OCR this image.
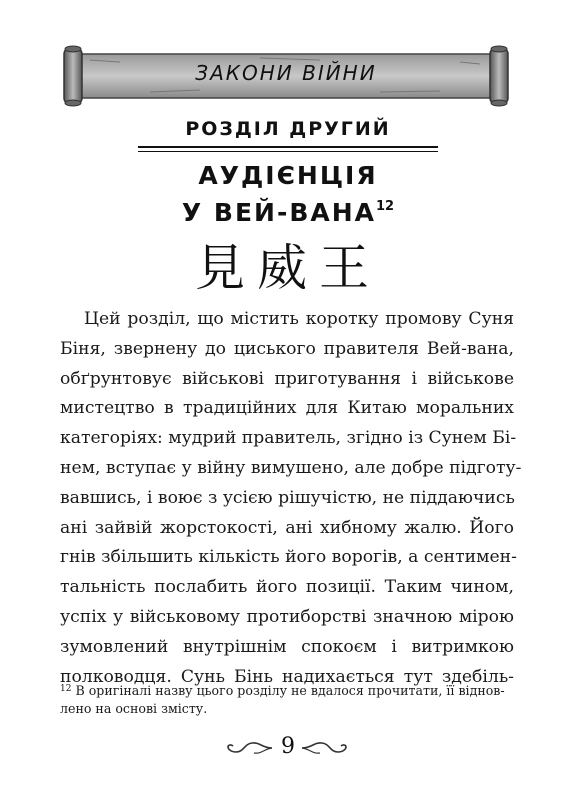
ЗАКОНИ ВІЙНИ
РОЗДІЛ ДРУГИЙ
АУДІЄНЦІЯ
У ВЕЙ-ВАНА$^{12}$
見威王
Цей розділ, що містить коротку промову Суня
Біня, звернену до циського правителя Вей-вана,
обґрунтовує військові приготування і військове
мистецтво в традиційних для Китаю моральних
категоріях: мудрий правитель, згідно із Сунем Бі-
нем, вступає у війну вимушено, але добре підготу-
вавшись, і воює з усією рішучістю, не піддаючись
ані зайвій жорстокості, ані хибному жалю. Його
гнів збільшить кількість його ворогів, а сентимен-
тальність послабить його позиції. Таким чином,
успіх у військовому протиборстві значною мірою
зумовлений внутрішнім спокоєм і витримкою
полководця. Сунь Бінь надихається тут здебіль-
$^{12}$ В оригіналі назву цього розділу не вдалося прочитати, її віднов-
лено на основі змісту.
9
